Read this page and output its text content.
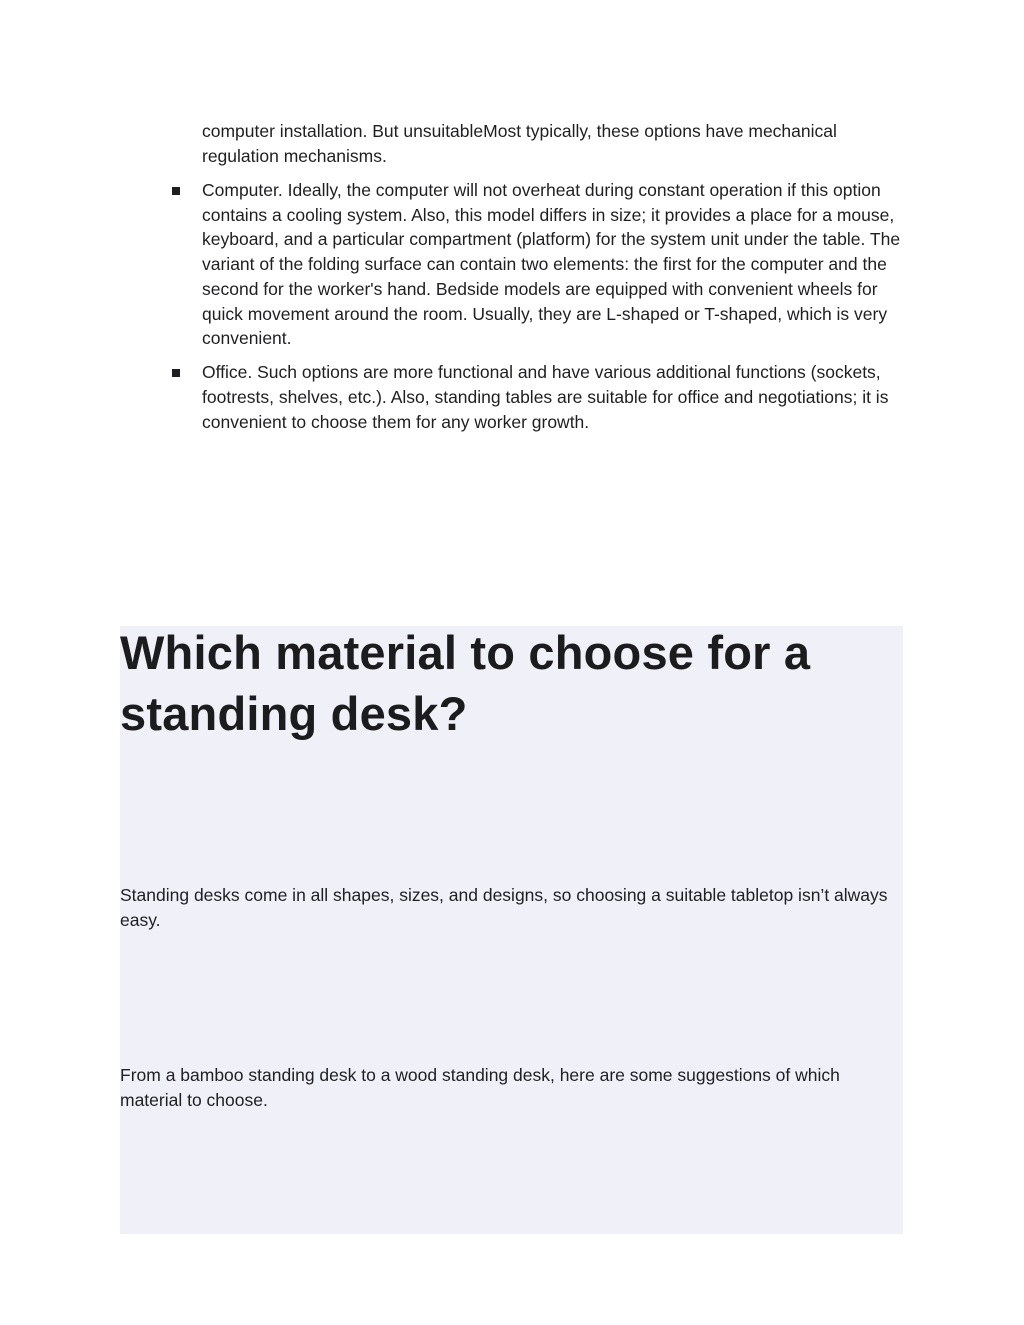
computer installation. But unsuitableMost typically, these options have mechanical regulation mechanisms.

Computer. Ideally, the computer will not overheat during constant operation if this option contains a cooling system. Also, this model differs in size; it provides a place for a mouse, keyboard, and a particular compartment (platform) for the system unit under the table. The variant of the folding surface can contain two elements: the first for the computer and the second for the worker's hand. Bedside models are equipped with convenient wheels for quick movement around the room. Usually, they are L-shaped or T-shaped, which is very convenient.
Office. Such options are more functional and have various additional functions (sockets, footrests, shelves, etc.). Also, standing tables are suitable for office and negotiations; it is convenient to choose them for any worker growth.
Which material to choose for a standing desk?

Standing desks come in all shapes, sizes, and designs, so choosing a suitable tabletop isn’t always easy.

From a bamboo standing desk to a wood standing desk, here are some suggestions of which material to choose.
